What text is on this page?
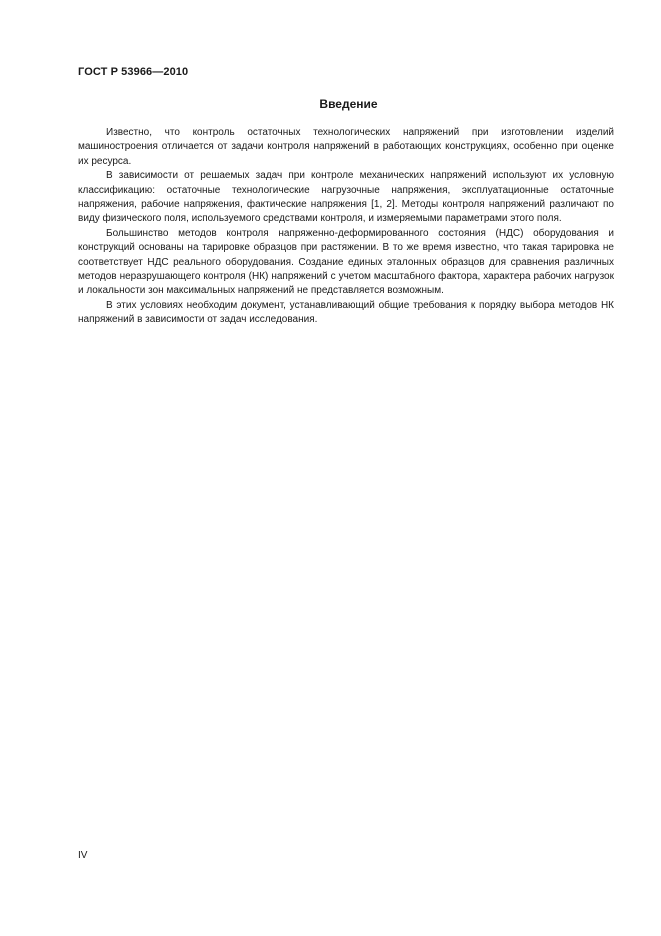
ГОСТ Р 53966—2010
Введение

Известно, что контроль остаточных технологических напряжений при изготовлении изделий машиностроения отличается от задачи контроля напряжений в работающих конструкциях, особенно при оценке их ресурса.

В зависимости от решаемых задач при контроле механических напряжений используют их условную классификацию: остаточные технологические нагрузочные напряжения, эксплуатационные остаточные напряжения, рабочие напряжения, фактические напряжения [1, 2]. Методы контроля напряжений различают по виду физического поля, используемого средствами контроля, и измеряемыми параметрами этого поля.

Большинство методов контроля напряженно-деформированного состояния (НДС) оборудования и конструкций основаны на тарировке образцов при растяжении. В то же время известно, что такая тарировка не соответствует НДС реального оборудования. Создание единых эталонных образцов для сравнения различных методов неразрушающего контроля (НК) напряжений с учетом масштабного фактора, характера рабочих нагрузок и локальности зон максимальных напряжений не представляется возможным.

В этих условиях необходим документ, устанавливающий общие требования к порядку выбора методов НК напряжений в зависимости от задач исследования.

IV
